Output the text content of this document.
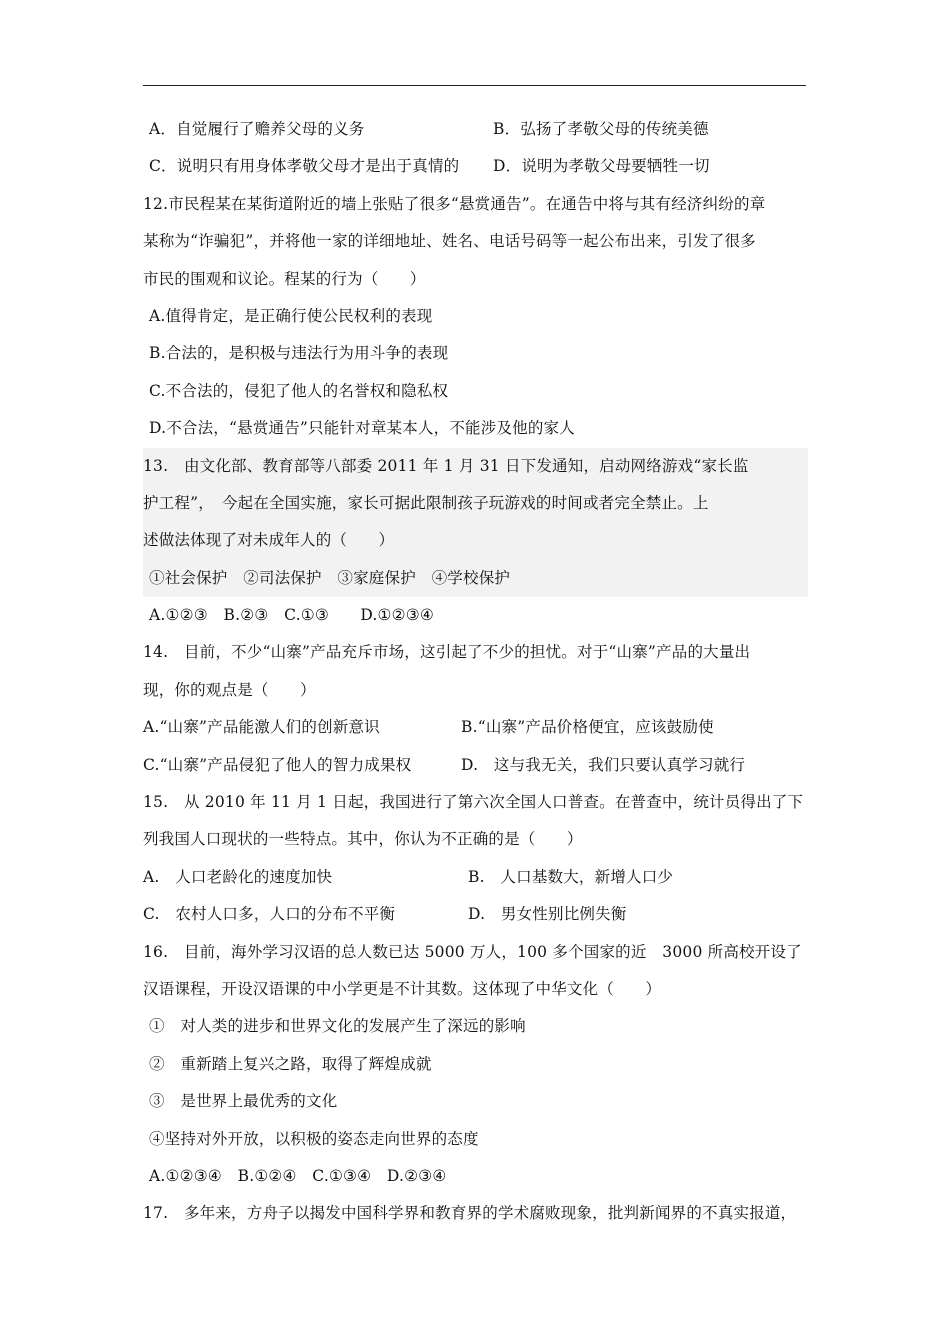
A．自觉履行了赡养父母的义务	B．弘扬了孝敬父母的传统美德
C．说明只有用身体孝敬父母才是出于真情的 D．说明为孝敬父母要牺牲一切
12.市民程某在某街道附近的墙上张贴了很多“悬赏通告”。在通告中将与其有经济纠纷的章
某称为“诈骗犯”，并将他一家的详细地址、姓名、电话号码等一起公布出来，引发了很多
市民的围观和议论。程某的行为（　　）
A.值得肯定，是正确行使公民权利的表现
B.合法的，是积极与违法行为用斗争的表现
C.不合法的，侵犯了他人的名誉权和隐私权
D.不合法，“悬赏通告”只能针对章某本人，不能涉及他的家人
13.　由文化部、教育部等八部委 2011 年 1 月 31 日下发通知，启动网络游戏“家长监
护工程”，　今起在全国实施，家长可据此限制孩子玩游戏的时间或者完全禁止。上
述做法体现了对未成年人的（　　）
①社会保护　②司法保护　③家庭保护　④学校保护
A.①②③　B.②③　C.①③　　D.①②③④
14.　目前，不少“山寨”产品充斥市场，这引起了不少的担忧。对于“山寨”产品的大量出
现，你的观点是（　　）
A.“山寨”产品能激人们的创新意识	B.“山寨”产品价格便宜，应该鼓励使
C.“山寨”产品侵犯了他人的智力成果权	D.　这与我无关，我们只要认真学习就行
15.　从 2010 年 11 月 1 日起，我国进行了第六次全国人口普查。在普查中，统计员得出了下
列我国人口现状的一些特点。其中，你认为不正确的是（　　）
A.　人口老龄化的速度加快	B.　人口基数大，新增人口少
C.　农村人口多，人口的分布不平衡	D.　男女性别比例失衡
16.　目前，海外学习汉语的总人数已达 5000 万人，100 多个国家的近　3000 所高校开设了
汉语课程，开设汉语课的中小学更是不计其数。这体现了中华文化（　　）
①　对人类的进步和世界文化的发展产生了深远的影响
②　重新踏上复兴之路，取得了辉煌成就
③　是世界上最优秀的文化
④坚持对外开放，以积极的姿态走向世界的态度
A.①②③④　B.①②④　C.①③④　D.②③④
17.　多年来，方舟子以揭发中国科学界和教育界的学术腐败现象，批判新闻界的不真实报道，
